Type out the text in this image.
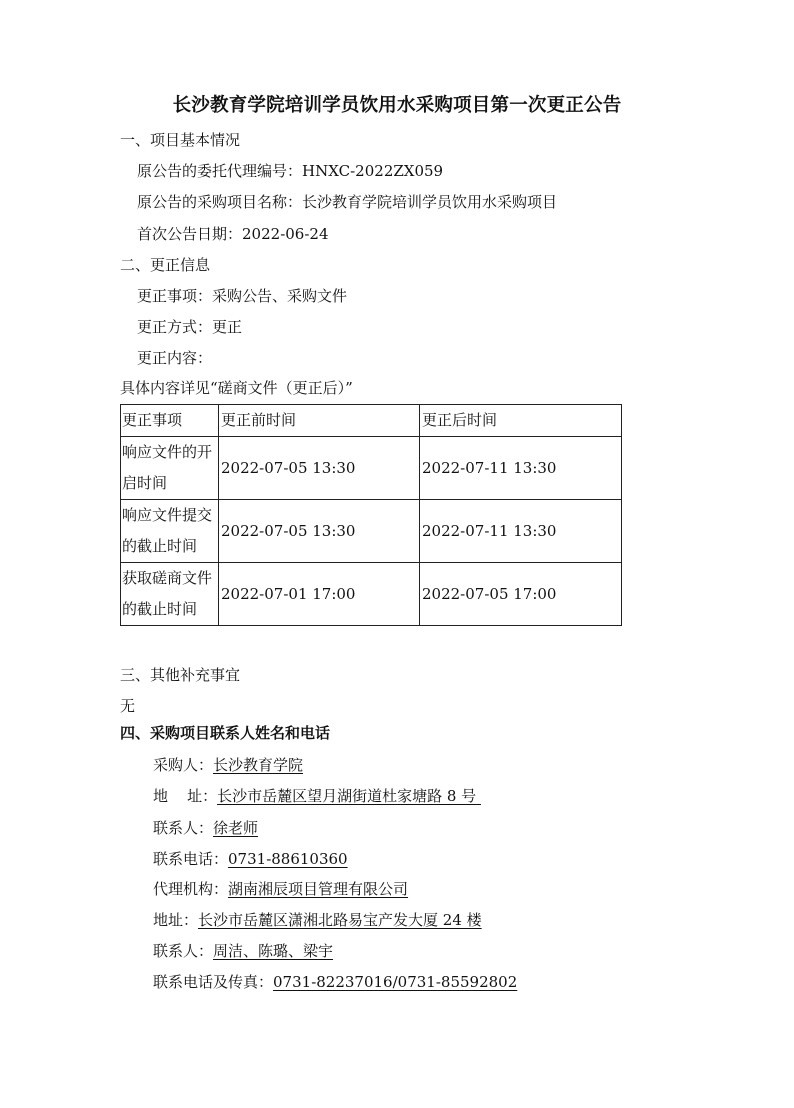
长沙教育学院培训学员饮用水采购项目第一次更正公告
一、项目基本情况
原公告的委托代理编号：HNXC-2022ZX059
原公告的采购项目名称：长沙教育学院培训学员饮用水采购项目
首次公告日期：2022-06-24
二、更正信息
更正事项：采购公告、采购文件
更正方式：更正
更正内容：
具体内容详见“磋商文件（更正后）”
更正事项	更正前时间	更正后时间
响应文件的开启时间	2022-07-05 13:30	2022-07-11 13:30
响应文件提交的截止时间	2022-07-05 13:30	2022-07-11 13:30
获取磋商文件的截止时间	2022-07-01 17:00	2022-07-05 17:00
三、其他补充事宜
无
四、采购项目联系人姓名和电话
采购人：长沙教育学院
地    址：长沙市岳麓区望月湖街道杜家塘路 8 号
联系人：徐老师
联系电话：0731-88610360
代理机构：湖南湘辰项目管理有限公司
地址：长沙市岳麓区潇湘北路易宝产发大厦 24 楼
联系人：周洁、陈璐、梁宇
联系电话及传真：0731-82237016/0731-85592802
